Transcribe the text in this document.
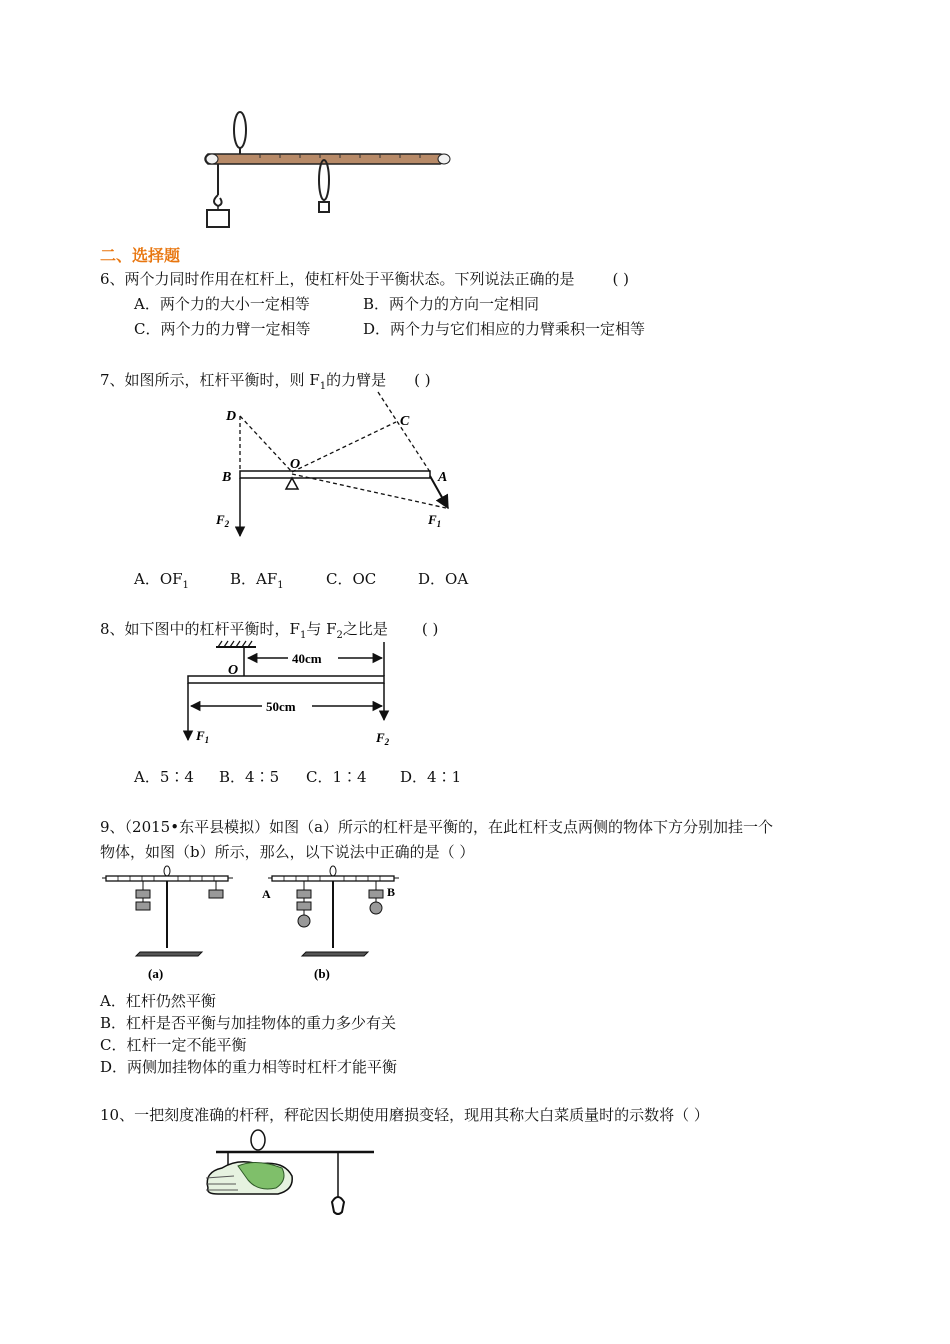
二、选择题
6、两个力同时作用在杠杆上，使杠杆处于平衡状态。下列说法正确的是	( )
A．两个力的大小一定相等	B．两个力的方向一定相同
C．两个力的力臂一定相等	D．两个力与它们相应的力臂乘积一定相等
7、如图所示，杠杆平衡时，则 $F_1$的力臂是 ( )
D	C
O
B	A
$F_2$	$F_1$
A．$OF_1$	B．$AF_1$	C．OC	D．OA
8、如下图中的杠杆平衡时，$F_1$与 $F_2$之比是 ( )
40cm
50cm
O
$F_1$	$F_2$
A．5∶4 B．4∶5 C．1∶4 D．4∶1
9、（2015•东平县模拟）如图（a）所示的杠杆是平衡的，在此杠杆支点两侧的物体下方分别加挂一个
物体，如图（b）所示，那么，以下说法中正确的是（ ）
(a)
A	B
(b)
A．杠杆仍然平衡
B．杠杆是否平衡与加挂物体的重力多少有关
C．杠杆一定不能平衡
D．两侧加挂物体的重力相等时杠杆才能平衡
10、一把刻度准确的杆秤，秤砣因长期使用磨损变轻，现用其称大白菜质量时的示数将（ ）
